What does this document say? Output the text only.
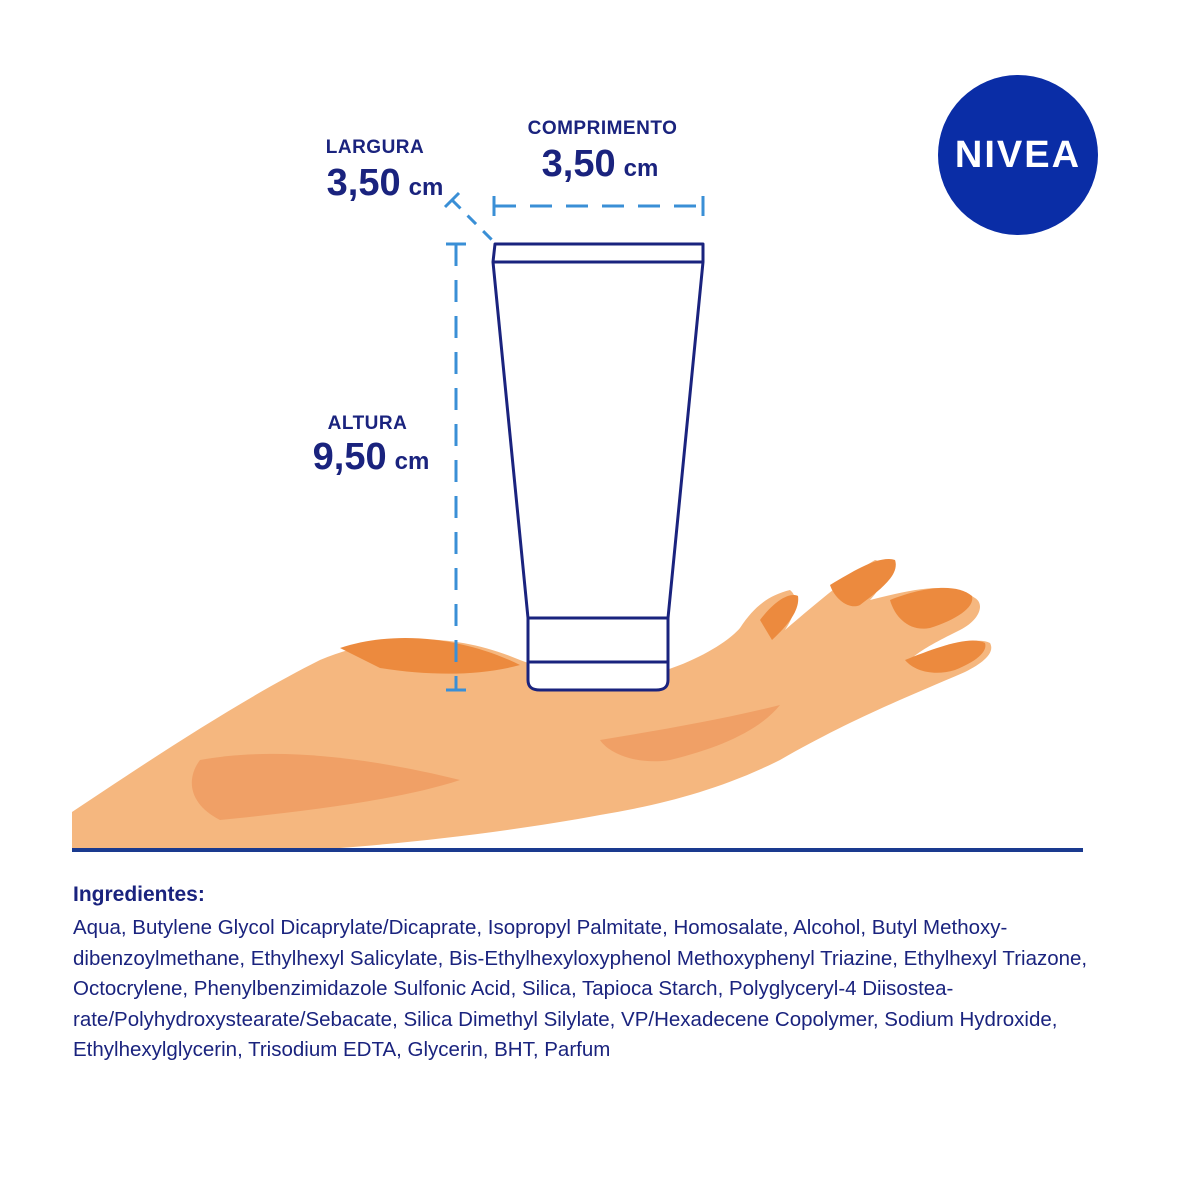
LARGURA
3,50 cm
COMPRIMENTO
3,50 cm
ALTURA
9,50 cm
NIVEA
Ingredientes:

Aqua, Butylene Glycol Dicaprylate/Dicaprate, Isopropyl Palmitate, Homosalate, Alcohol, Butyl Methoxy-dibenzoylmethane, Ethylhexyl Salicylate, Bis-Ethylhexyloxyphenol Methoxyphenyl Triazine, Ethylhexyl Triazone, Octocrylene, Phenylbenzimidazole Sulfonic Acid, Silica, Tapioca Starch, Polyglyceryl-4 Diisostea-rate/Polyhydroxystearate/Sebacate, Silica Dimethyl Silylate, VP/Hexadecene Copolymer, Sodium Hydroxide, Ethylhexylglycerin, Trisodium EDTA, Glycerin, BHT, Parfum
